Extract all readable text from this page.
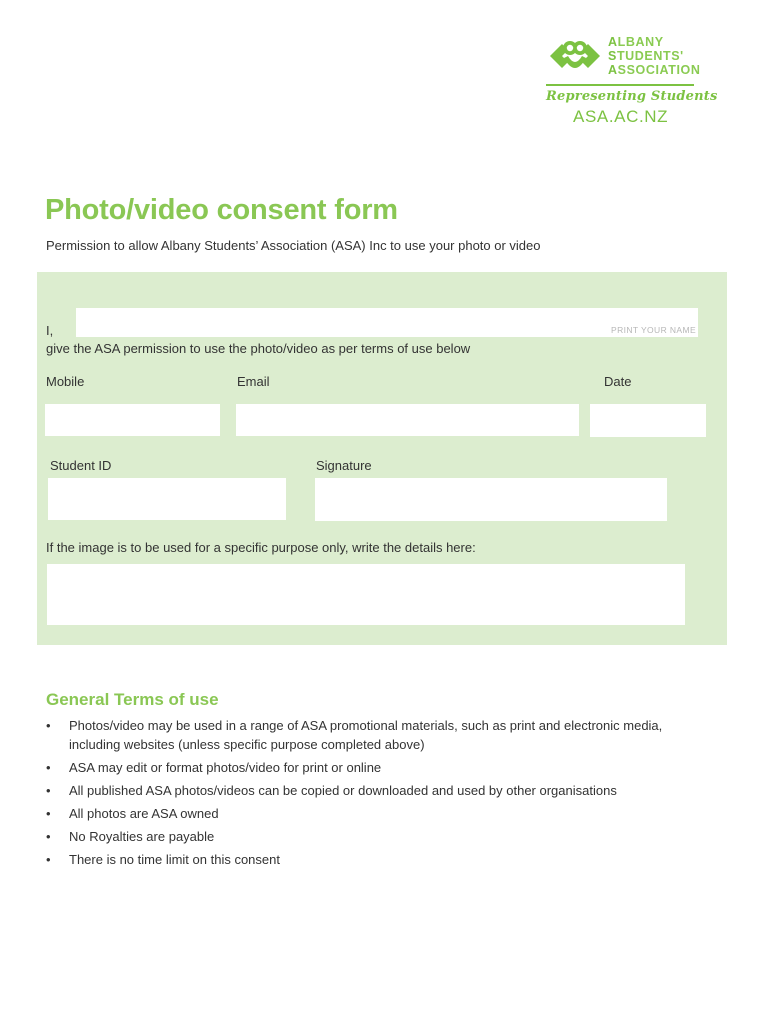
ALBANY
STUDENTS'
ASSOCIATION
Representing Students
ASA.AC.NZ
Photo/video consent form
Permission to allow Albany Students’ Association (ASA) Inc to use your photo or video
PRINT YOUR NAME
I,
give the ASA permission to use the photo/video as per terms of use below
Mobile	Email	Date
Student ID	Signature
If the image is to be used for a specific purpose only, write the details here:
General Terms of use
• Photos/video may be used in a range of ASA promotional materials, such as print and electronic media,
including websites (unless specific purpose completed above)
• ASA may edit or format photos/video for print or online
• All published ASA photos/videos can be copied or downloaded and used by other organisations
• All photos are ASA owned
• No Royalties are payable
• There is no time limit on this consent
